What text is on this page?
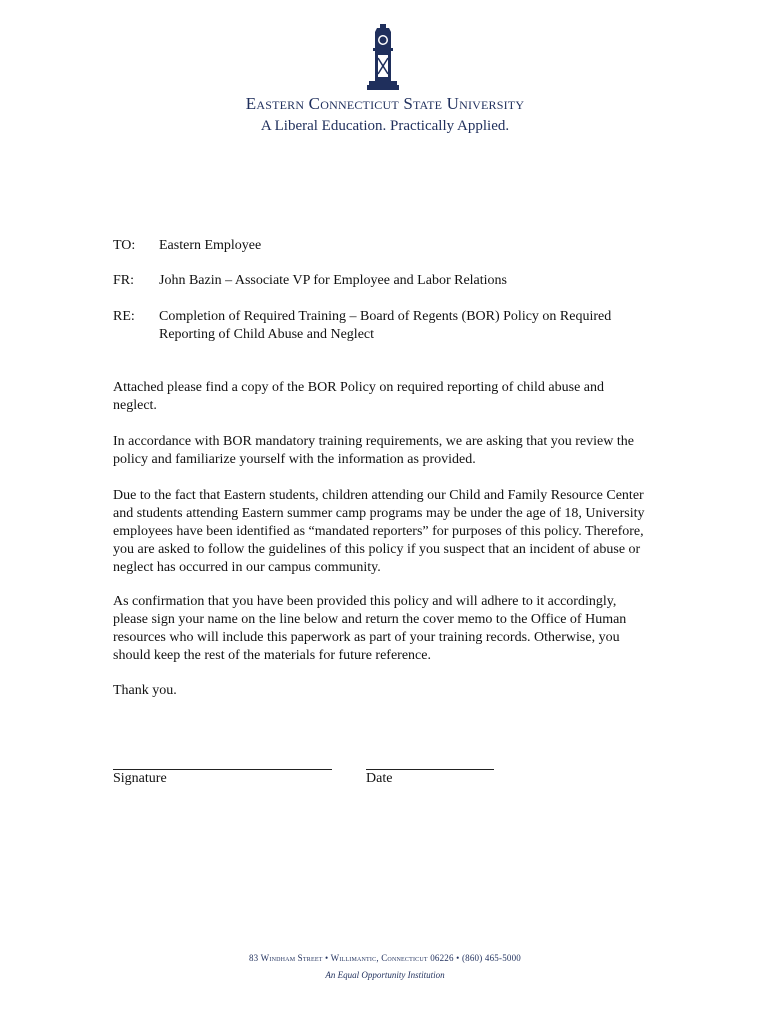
Eastern Connecticut State University
A Liberal Education. Practically Applied.
TO: Eastern Employee
FR: John Bazin – Associate VP for Employee and Labor Relations
RE: Completion of Required Training – Board of Regents (BOR) Policy on Required Reporting of Child Abuse and Neglect
Attached please find a copy of the BOR Policy on required reporting of child abuse and neglect.
In accordance with BOR mandatory training requirements, we are asking that you review the policy and familiarize yourself with the information as provided.
Due to the fact that Eastern students, children attending our Child and Family Resource Center and students attending Eastern summer camp programs may be under the age of 18, University employees have been identified as “mandated reporters” for purposes of this policy. Therefore, you are asked to follow the guidelines of this policy if you suspect that an incident of abuse or neglect has occurred in our campus community.
As confirmation that you have been provided this policy and will adhere to it accordingly, please sign your name on the line below and return the cover memo to the Office of Human resources who will include this paperwork as part of your training records. Otherwise, you should keep the rest of the materials for future reference.
Thank you.
Signature	Date
83 Windham Street • Willimantic, Connecticut 06226 • (860) 465-5000
An Equal Opportunity Institution
